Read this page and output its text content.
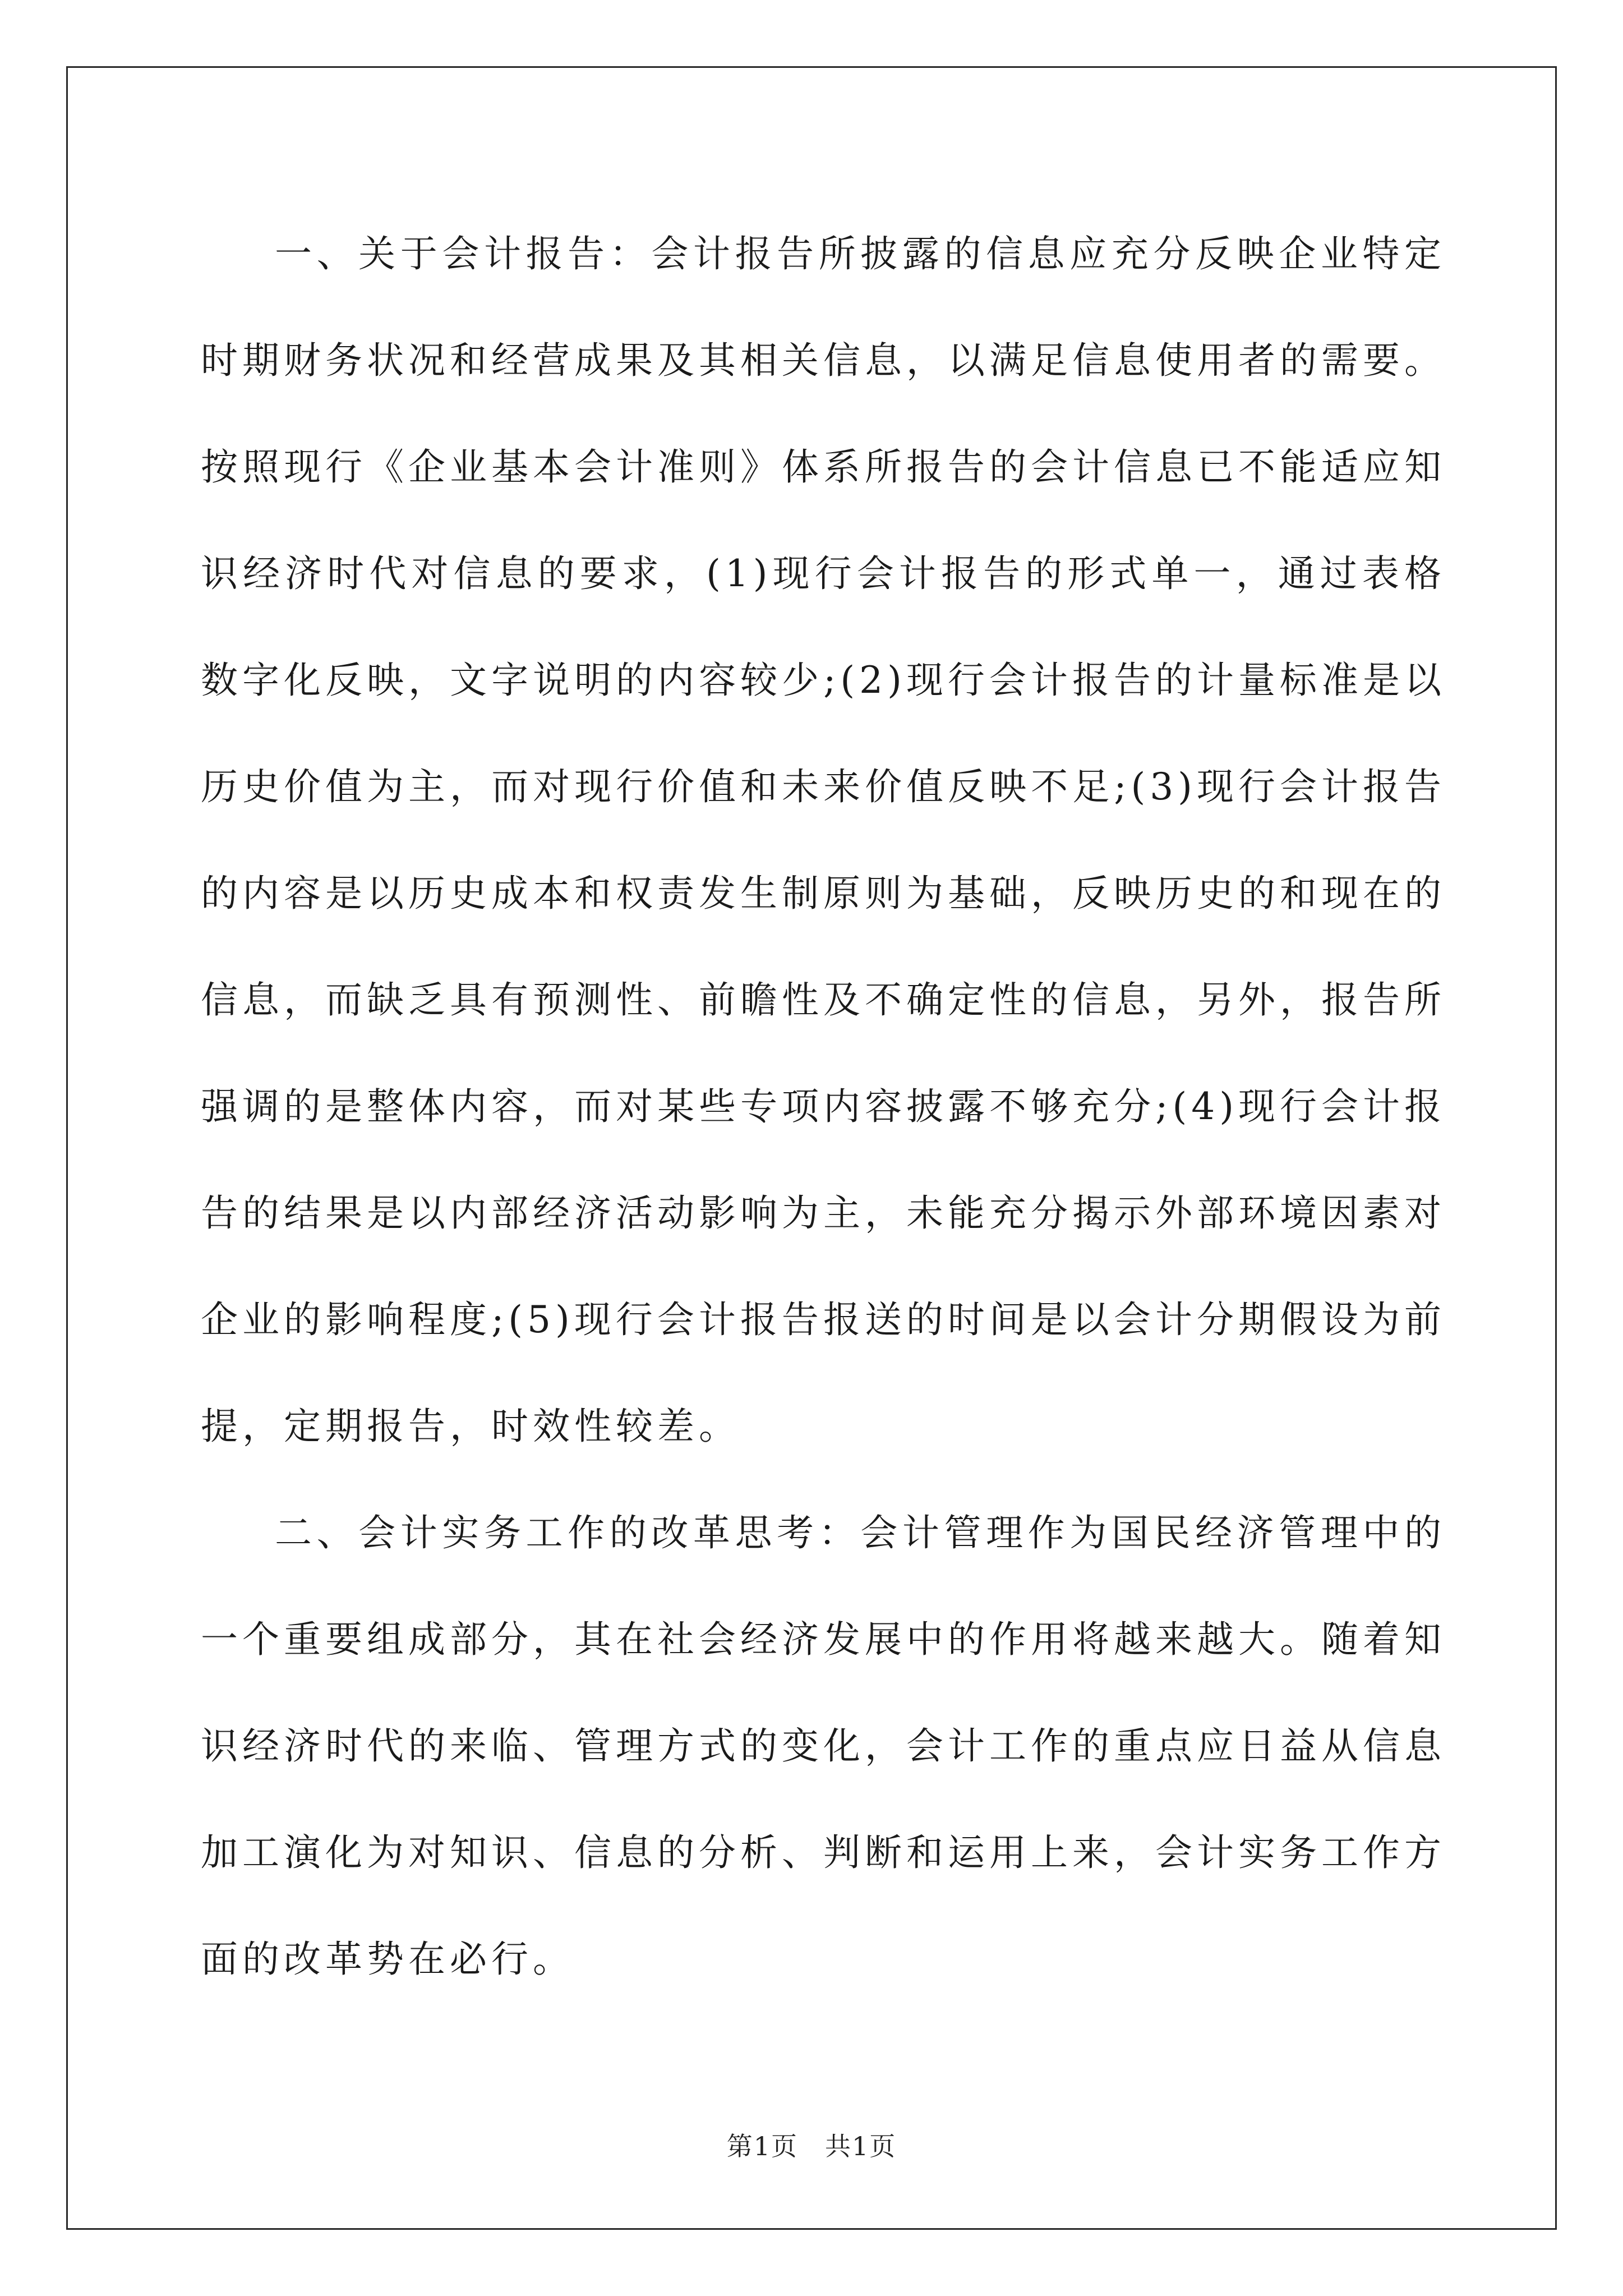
一、关于会计报告：会计报告所披露的信息应充分反映企业特定时期财务状况和经营成果及其相关信息，以满足信息使用者的需要。按照现行《企业基本会计准则》体系所报告的会计信息已不能适应知识经济时代对信息的要求，(1)现行会计报告的形式单一，通过表格数字化反映，文字说明的内容较少;(2)现行会计报告的计量标准是以历史价值为主，而对现行价值和未来价值反映不足;(3)现行会计报告的内容是以历史成本和权责发生制原则为基础，反映历史的和现在的信息，而缺乏具有预测性、前瞻性及不确定性的信息，另外，报告所强调的是整体内容，而对某些专项内容披露不够充分;(4)现行会计报告的结果是以内部经济活动影响为主，未能充分揭示外部环境因素对企业的影响程度;(5)现行会计报告报送的时间是以会计分期假设为前提，定期报告，时效性较差。

二、会计实务工作的改革思考：会计管理作为国民经济管理中的一个重要组成部分，其在社会经济发展中的作用将越来越大。随着知识经济时代的来临、管理方式的变化，会计工作的重点应日益从信息加工演化为对知识、信息的分析、判断和运用上来，会计实务工作方面的改革势在必行。

第1页　共1页
